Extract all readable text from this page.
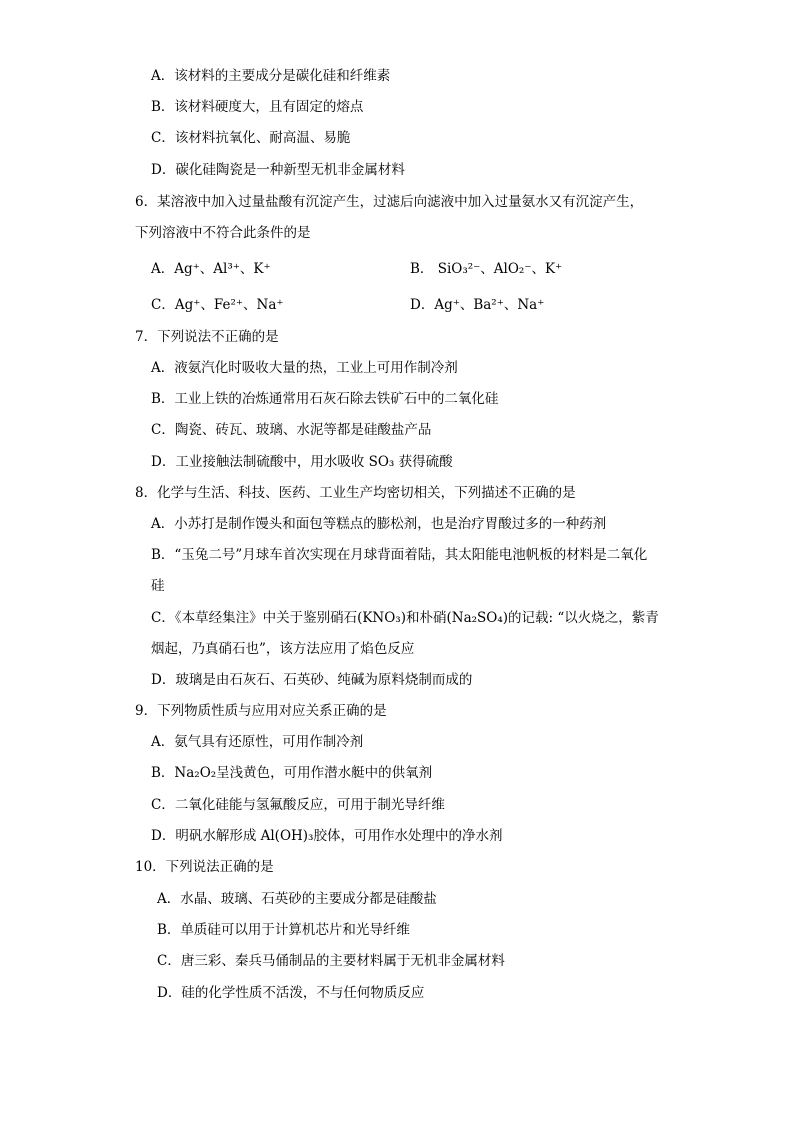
A．该材料的主要成分是碳化硅和纤维素
B．该材料硬度大，且有固定的熔点
C．该材料抗氧化、耐高温、易脆
D．碳化硅陶瓷是一种新型无机非金属材料
6．某溶液中加入过量盐酸有沉淀产生，过滤后向滤液中加入过量氨水又有沉淀产生，
下列溶液中不符合此条件的是
A．Ag⁺、Al³⁺、K⁺	B． SiO₃²⁻、AlO₂⁻、K⁺
C．Ag⁺、Fe²⁺、Na⁺	D．Ag⁺、Ba²⁺、Na⁺
7．下列说法不正确的是
A．液氨汽化时吸收大量的热，工业上可用作制冷剂
B．工业上铁的冶炼通常用石灰石除去铁矿石中的二氧化硅
C．陶瓷、砖瓦、玻璃、水泥等都是硅酸盐产品
D．工业接触法制硫酸中，用水吸收 SO₃ 获得硫酸
8．化学与生活、科技、医药、工业生产均密切相关，下列描述不正确的是
A．小苏打是制作馒头和面包等糕点的膨松剂，也是治疗胃酸过多的一种药剂
B．“玉兔二号”月球车首次实现在月球背面着陆，其太阳能电池帆板的材料是二氧化
硅
C．《本草经集注》中关于鉴别硝石(KNO₃)和朴硝(Na₂SO₄)的记载: “以火烧之，紫青
烟起，乃真硝石也”，该方法应用了焰色反应
D．玻璃是由石灰石、石英砂、纯碱为原料烧制而成的
9．下列物质性质与应用对应关系正确的是
A．氨气具有还原性，可用作制冷剂
B．Na₂O₂呈浅黄色，可用作潜水艇中的供氧剂
C．二氧化硅能与氢氟酸反应，可用于制光导纤维
D．明矾水解形成 Al(OH)₃胶体，可用作水处理中的净水剂
10．下列说法正确的是
A．水晶、玻璃、石英砂的主要成分都是硅酸盐
B．单质硅可以用于计算机芯片和光导纤维
C．唐三彩、秦兵马俑制品的主要材料属于无机非金属材料
D．硅的化学性质不活泼，不与任何物质反应
